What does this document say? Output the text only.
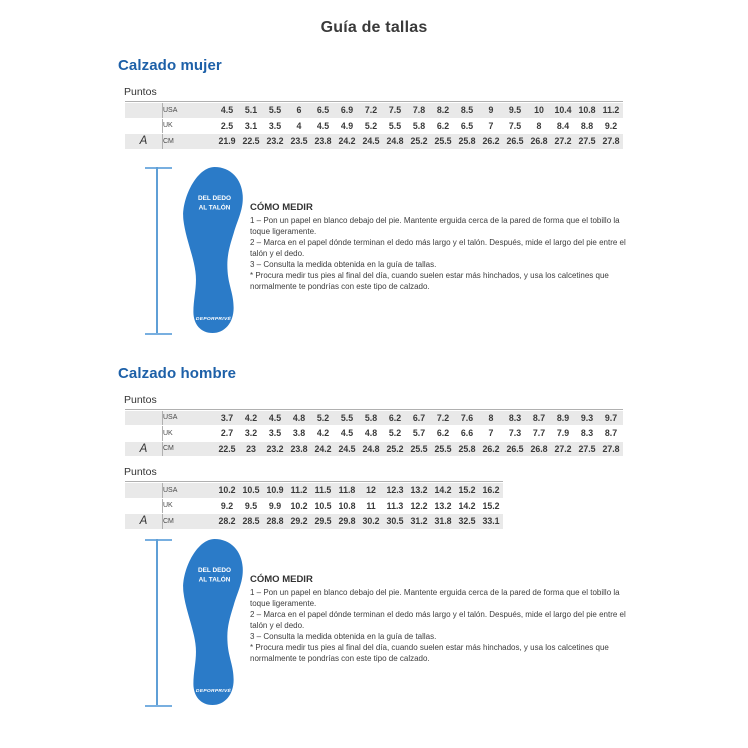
Guía de tallas
Calzado mujer
Puntos
	USA	4.5	5.1	5.5	6	6.5	6.9	7.2	7.5	7.8	8.2	8.5	9	9.5	10	10.4	10.8	11.2
	UK	2.5	3.1	3.5	4	4.5	4.9	5.2	5.5	5.8	6.2	6.5	7	7.5	8	8.4	8.8	9.2
A	CM	21.9	22.5	23.2	23.5	23.8	24.2	24.5	24.8	25.2	25.5	25.8	26.2	26.5	26.8	27.2	27.5	27.8
DEL DEDO
AL TALÓN
DEPORPRIVÉ
CÓMO MEDIR
1 – Pon un papel en blanco debajo del pie. Mantente erguida cerca de la pared de forma que el tobillo la toque ligeramente.
2 – Marca en el papel dónde terminan el dedo más largo y el talón. Después, mide el largo del pie entre el talón y el dedo.
3 – Consulta la medida obtenida en la guía de tallas.
* Procura medir tus pies al final del día, cuando suelen estar más hinchados, y usa los calcetines que normalmente te pondrías con este tipo de calzado.
Calzado hombre
Puntos
	USA	3.7	4.2	4.5	4.8	5.2	5.5	5.8	6.2	6.7	7.2	7.6	8	8.3	8.7	8.9	9.3	9.7
	UK	2.7	3.2	3.5	3.8	4.2	4.5	4.8	5.2	5.7	6.2	6.6	7	7.3	7.7	7.9	8.3	8.7
A	CM	22.5	23	23.2	23.8	24.2	24.5	24.8	25.2	25.5	25.5	25.8	26.2	26.5	26.8	27.2	27.5	27.8
Puntos
	USA	10.2	10.5	10.9	11.2	11.5	11.8	12	12.3	13.2	14.2	15.2	16.2
	UK	9.2	9.5	9.9	10.2	10.5	10.8	11	11.3	12.2	13.2	14.2	15.2
A	CM	28.2	28.5	28.8	29.2	29.5	29.8	30.2	30.5	31.2	31.8	32.5	33.1
DEL DEDO
AL TALÓN
DEPORPRIVÉ
CÓMO MEDIR
1 – Pon un papel en blanco debajo del pie. Mantente erguida cerca de la pared de forma que el tobillo la toque ligeramente.
2 – Marca en el papel dónde terminan el dedo más largo y el talón. Después, mide el largo del pie entre el talón y el dedo.
3 – Consulta la medida obtenida en la guía de tallas.
* Procura medir tus pies al final del día, cuando suelen estar más hinchados, y usa los calcetines que normalmente te pondrías con este tipo de calzado.
